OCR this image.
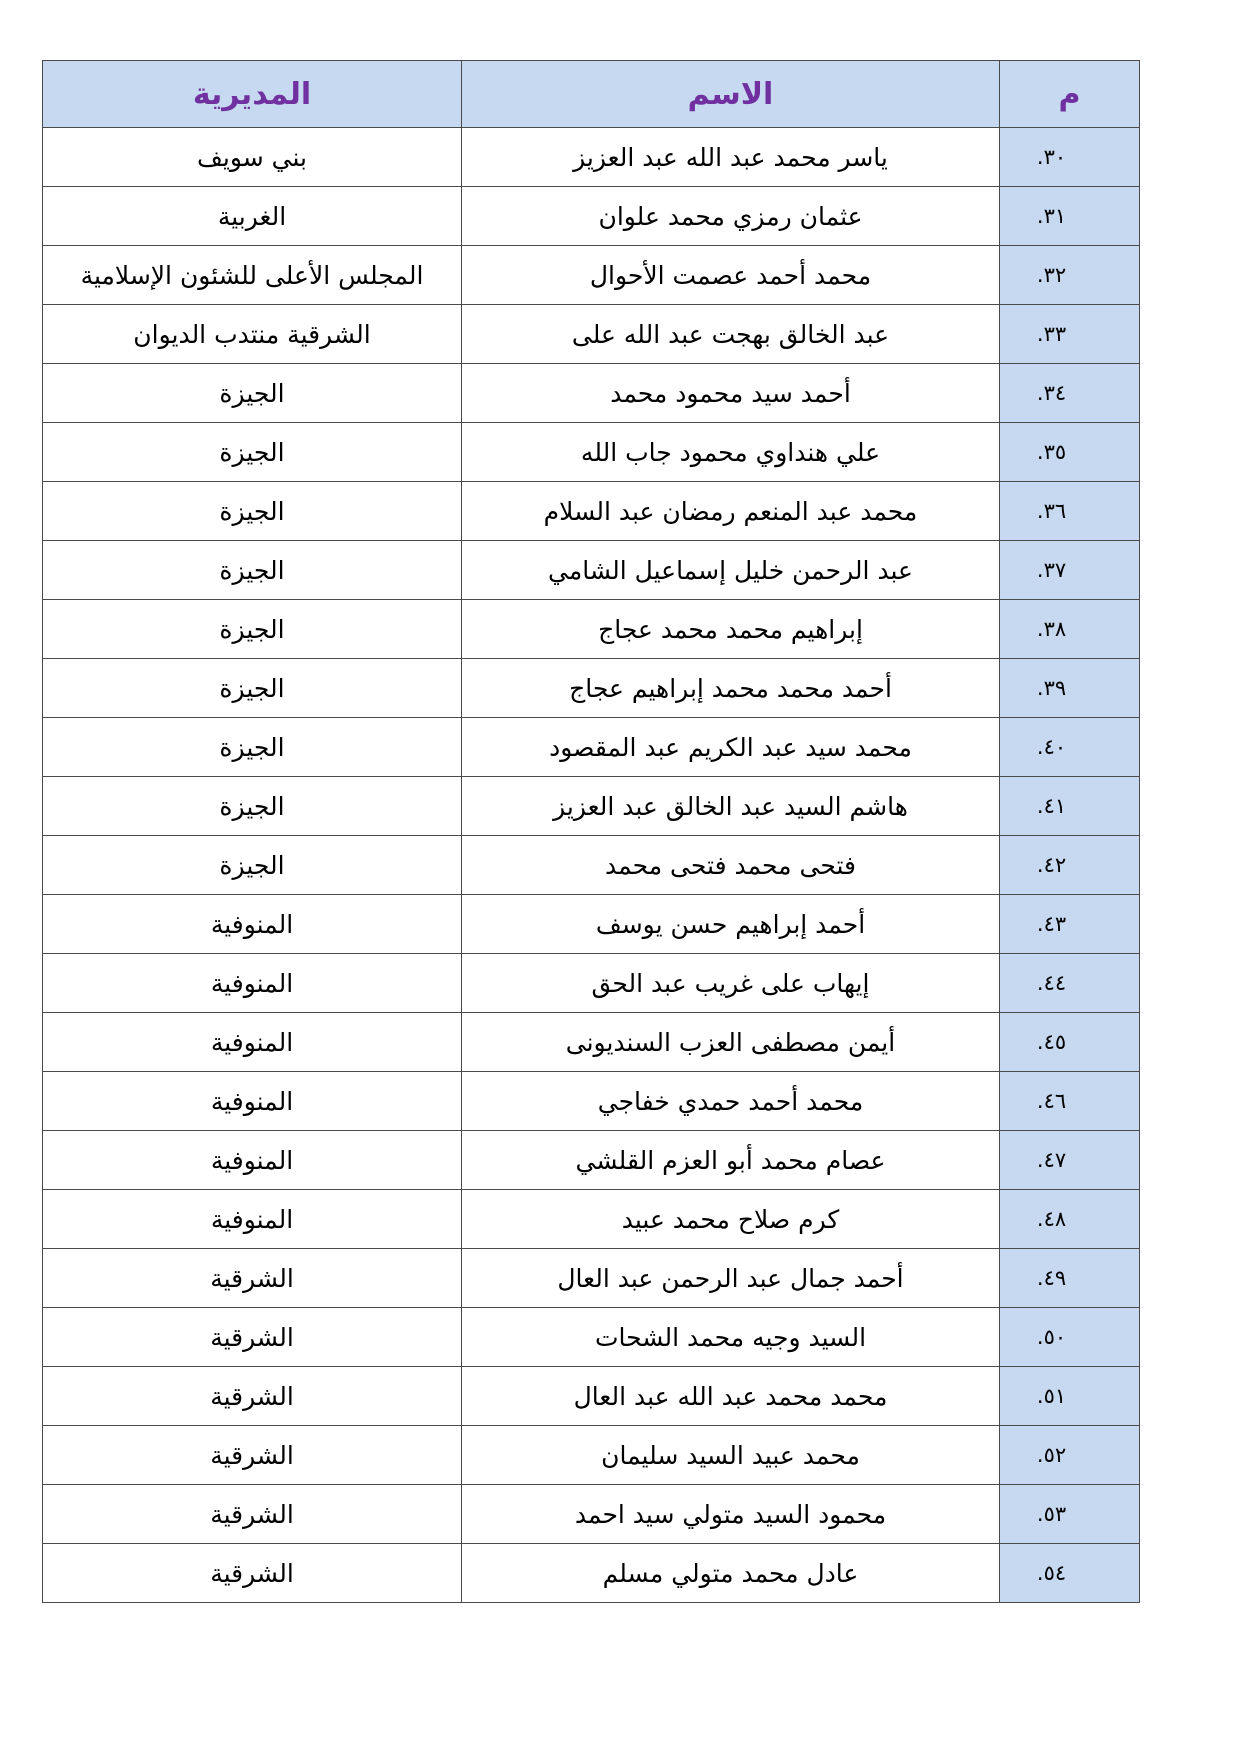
م	الاسم	المديرية
٣٠.	ياسر محمد عبد الله عبد العزيز	بني سويف
٣١.	عثمان رمزي محمد علوان	الغربية
٣٢.	محمد أحمد عصمت الأحوال	المجلس الأعلى للشئون الإسلامية
٣٣.	عبد الخالق بهجت عبد الله على	الشرقية منتدب الديوان
٣٤.	أحمد سيد محمود محمد	الجيزة
٣٥.	علي هنداوي محمود جاب الله	الجيزة
٣٦.	محمد عبد المنعم رمضان عبد السلام	الجيزة
٣٧.	عبد الرحمن خليل إسماعيل الشامي	الجيزة
٣٨.	إبراهيم محمد محمد عجاج	الجيزة
٣٩.	أحمد محمد محمد إبراهيم عجاج	الجيزة
٤٠.	محمد سيد عبد الكريم عبد المقصود	الجيزة
٤١.	هاشم السيد عبد الخالق عبد العزيز	الجيزة
٤٢.	فتحى محمد فتحى محمد	الجيزة
٤٣.	أحمد إبراهيم حسن يوسف	المنوفية
٤٤.	إيهاب على غريب عبد الحق	المنوفية
٤٥.	أيمن مصطفى العزب السنديونى	المنوفية
٤٦.	محمد أحمد حمدي خفاجي	المنوفية
٤٧.	عصام محمد أبو العزم القلشي	المنوفية
٤٨.	كرم صلاح محمد عبيد	المنوفية
٤٩.	أحمد جمال عبد الرحمن عبد العال	الشرقية
٥٠.	السيد وجيه محمد الشحات	الشرقية
٥١.	محمد محمد عبد الله عبد العال	الشرقية
٥٢.	محمد عبيد السيد سليمان	الشرقية
٥٣.	محمود السيد متولي سيد احمد	الشرقية
٥٤.	عادل محمد متولي مسلم	الشرقية
